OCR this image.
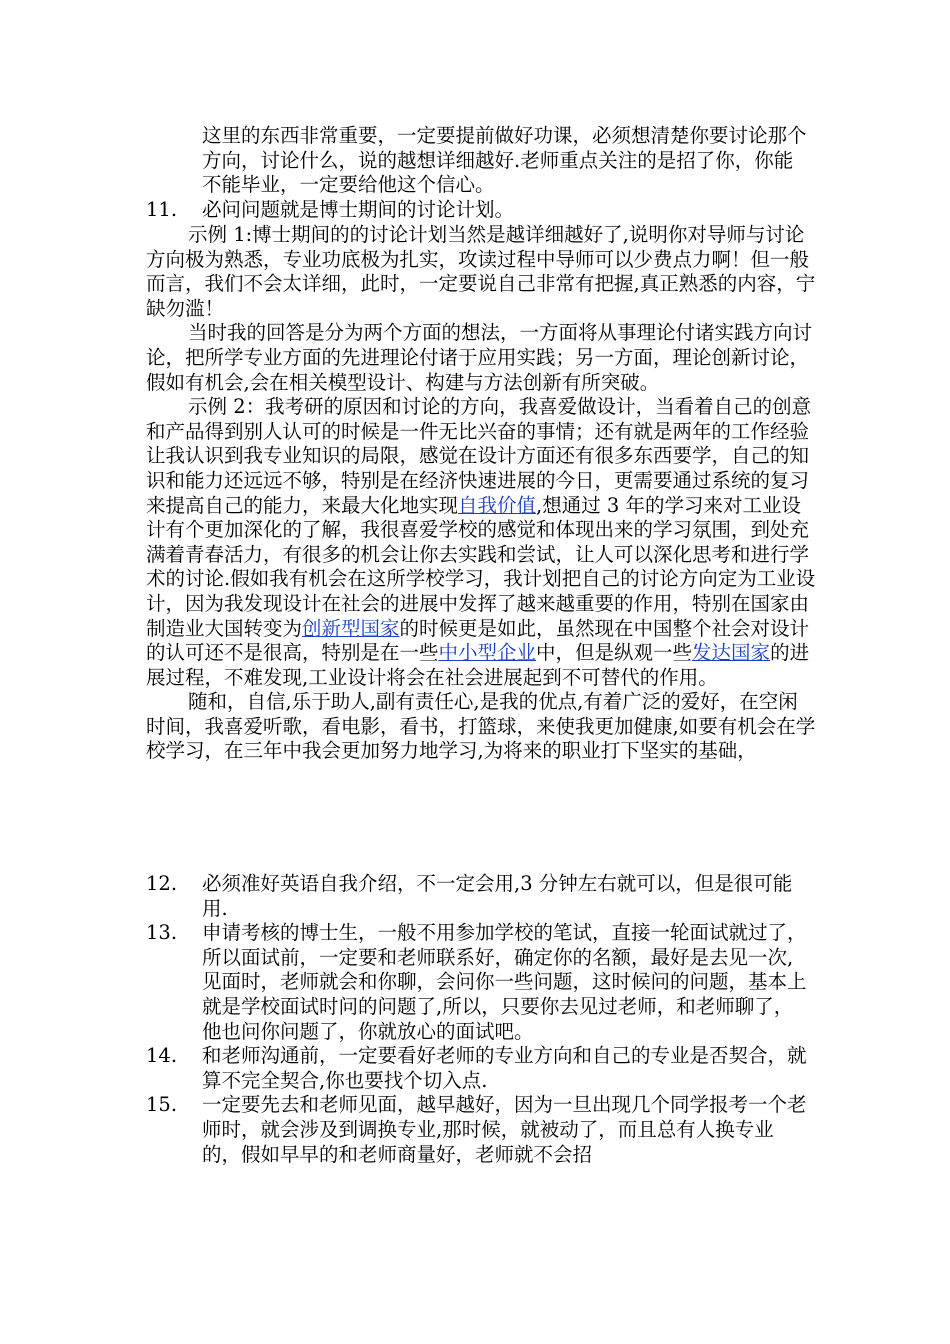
这里的东西非常重要，一定要提前做好功课，必须想清楚你要讨论那个方向，讨论什么，说的越想详细越好.老师重点关注的是招了你，你能不能毕业，一定要给他这个信心。

11.	必问问题就是博士期间的讨论计划。

示例 1:博士期间的的讨论计划当然是越详细越好了,说明你对导师与讨论方向极为熟悉，专业功底极为扎实，攻读过程中导师可以少费点力啊！但一般而言，我们不会太详细，此时，一定要说自己非常有把握,真正熟悉的内容，宁缺勿滥！

当时我的回答是分为两个方面的想法，一方面将从事理论付诸实践方向讨论，把所学专业方面的先进理论付诸于应用实践；另一方面，理论创新讨论，假如有机会,会在相关模型设计、构建与方法创新有所突破。

示例 2：我考研的原因和讨论的方向，我喜爱做设计，当看着自己的创意和产品得到别人认可的时候是一件无比兴奋的事情；还有就是两年的工作经验让我认识到我专业知识的局限，感觉在设计方面还有很多东西要学，自己的知识和能力还远远不够，特别是在经济快速进展的今日，更需要通过系统的复习来提高自己的能力，来最大化地实现自我价值,想通过 3 年的学习来对工业设计有个更加深化的了解，我很喜爱学校的感觉和体现出来的学习氛围，到处充满着青春活力，有很多的机会让你去实践和尝试，让人可以深化思考和进行学术的讨论.假如我有机会在这所学校学习，我计划把自己的讨论方向定为工业设计，因为我发现设计在社会的进展中发挥了越来越重要的作用，特别在国家由制造业大国转变为创新型国家的时候更是如此，虽然现在中国整个社会对设计的认可还不是很高，特别是在一些中小型企业中，但是纵观一些发达国家的进展过程，不难发现,工业设计将会在社会进展起到不可替代的作用。

随和，自信,乐于助人,副有责任心,是我的优点,有着广泛的爱好，在空闲时间，我喜爱听歌，看电影，看书，打篮球，来使我更加健康,如要有机会在学校学习，在三年中我会更加努力地学习,为将来的职业打下坚实的基础，

12.	必须准好英语自我介绍，不一定会用,3 分钟左右就可以，但是很可能用.
13.	申请考核的博士生，一般不用参加学校的笔试，直接一轮面试就过了，所以面试前，一定要和老师联系好，确定你的名额，最好是去见一次,见面时，老师就会和你聊，会问你一些问题，这时候问的问题，基本上就是学校面试时问的问题了,所以，只要你去见过老师，和老师聊了，他也问你问题了，你就放心的面试吧。
14.	和老师沟通前，一定要看好老师的专业方向和自己的专业是否契合，就算不完全契合,你也要找个切入点.
15.	一定要先去和老师见面，越早越好，因为一旦出现几个同学报考一个老师时，就会涉及到调换专业,那时候，就被动了，而且总有人换专业的，假如早早的和老师商量好，老师就不会招
